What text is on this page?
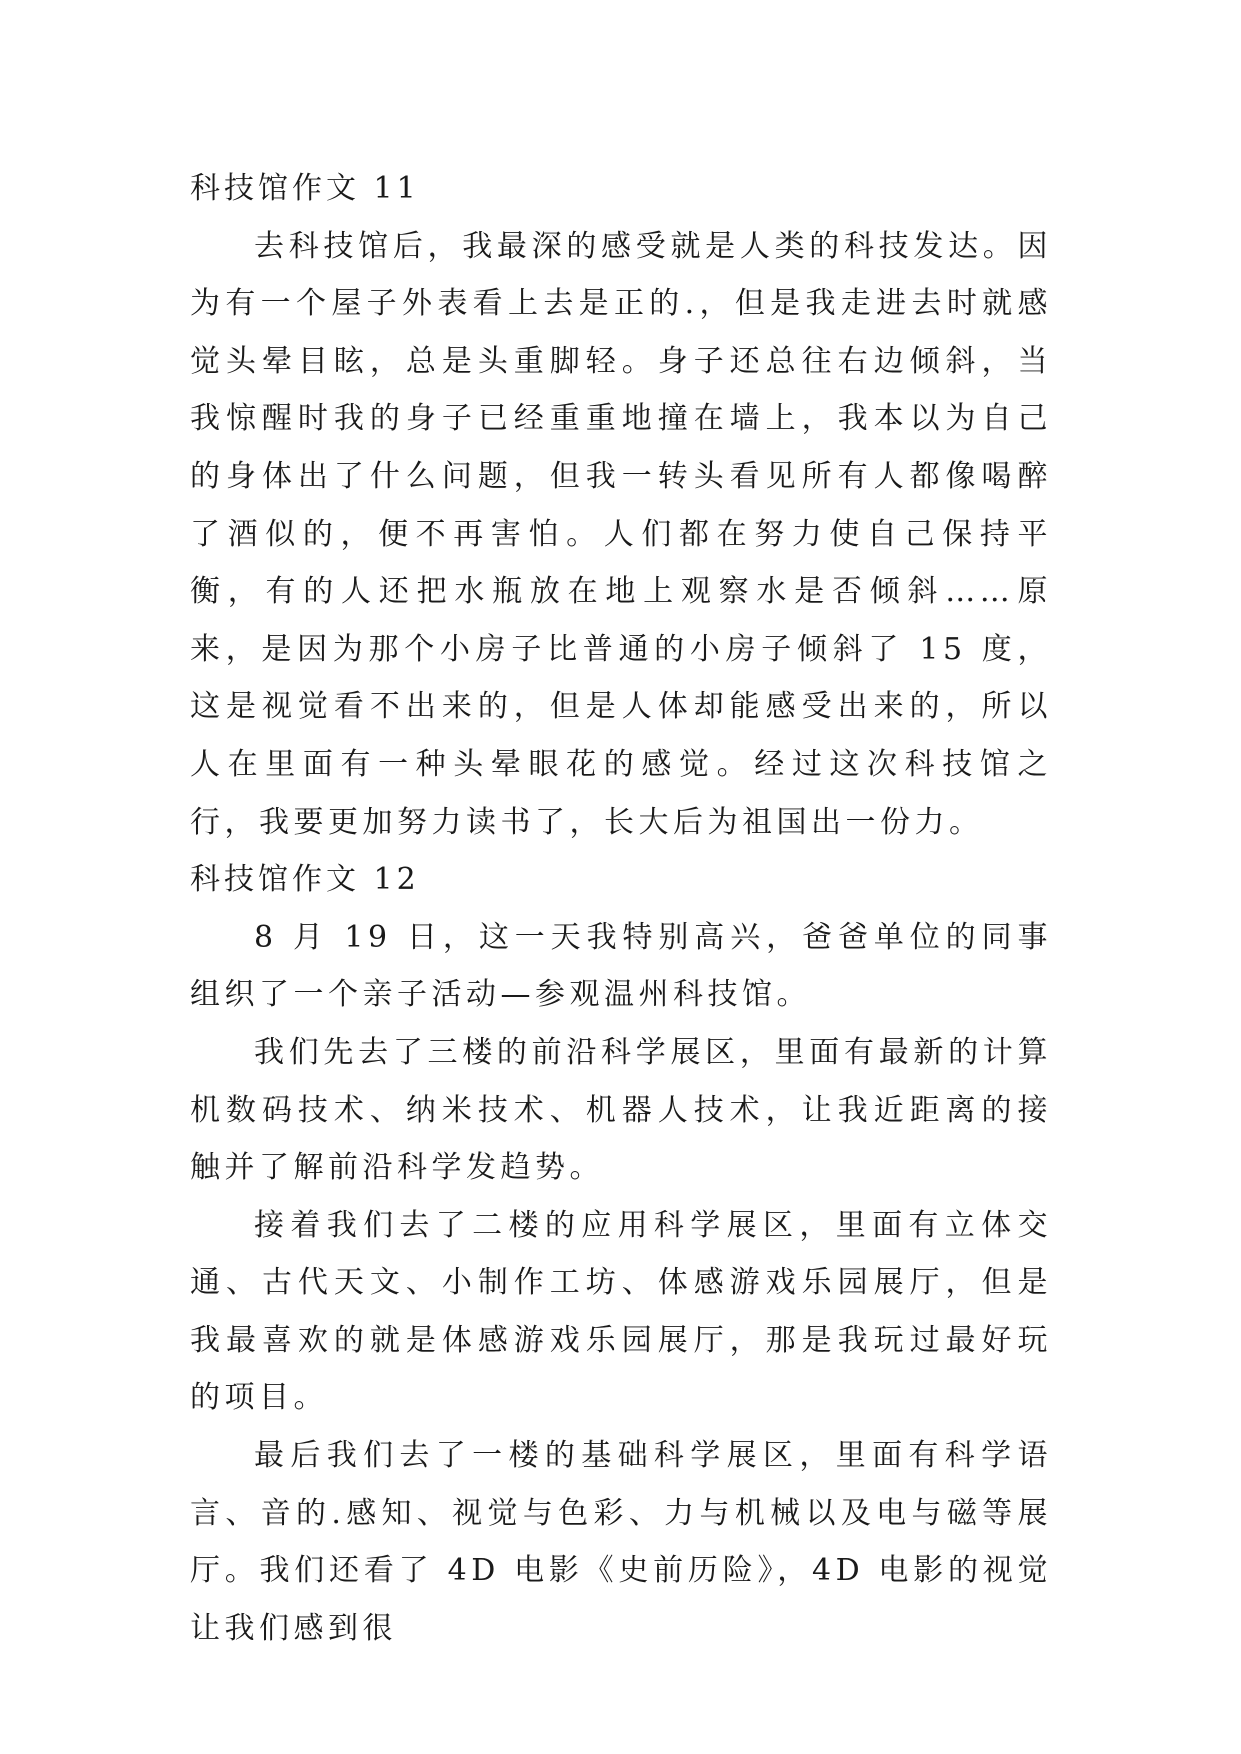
科技馆作文 11

去科技馆后，我最深的感受就是人类的科技发达。因为有一个屋子外表看上去是正的.，但是我走进去时就感觉头晕目眩，总是头重脚轻。身子还总往右边倾斜，当我惊醒时我的身子已经重重地撞在墙上，我本以为自己的身体出了什么问题，但我一转头看见所有人都像喝醉了酒似的，便不再害怕。人们都在努力使自己保持平衡，有的人还把水瓶放在地上观察水是否倾斜……原来，是因为那个小房子比普通的小房子倾斜了 15 度，这是视觉看不出来的，但是人体却能感受出来的，所以人在里面有一种头晕眼花的感觉。经过这次科技馆之行，我要更加努力读书了，长大后为祖国出一份力。

科技馆作文 12

8 月 19 日，这一天我特别高兴，爸爸单位的同事组织了一个亲子活动—参观温州科技馆。

我们先去了三楼的前沿科学展区，里面有最新的计算机数码技术、纳米技术、机器人技术，让我近距离的接触并了解前沿科学发趋势。

接着我们去了二楼的应用科学展区，里面有立体交通、古代天文、小制作工坊、体感游戏乐园展厅，但是我最喜欢的就是体感游戏乐园展厅，那是我玩过最好玩的项目。

最后我们去了一楼的基础科学展区，里面有科学语言、音的.感知、视觉与色彩、力与机械以及电与磁等展厅。我们还看了 4D 电影《史前历险》，4D 电影的视觉让我们感到很
